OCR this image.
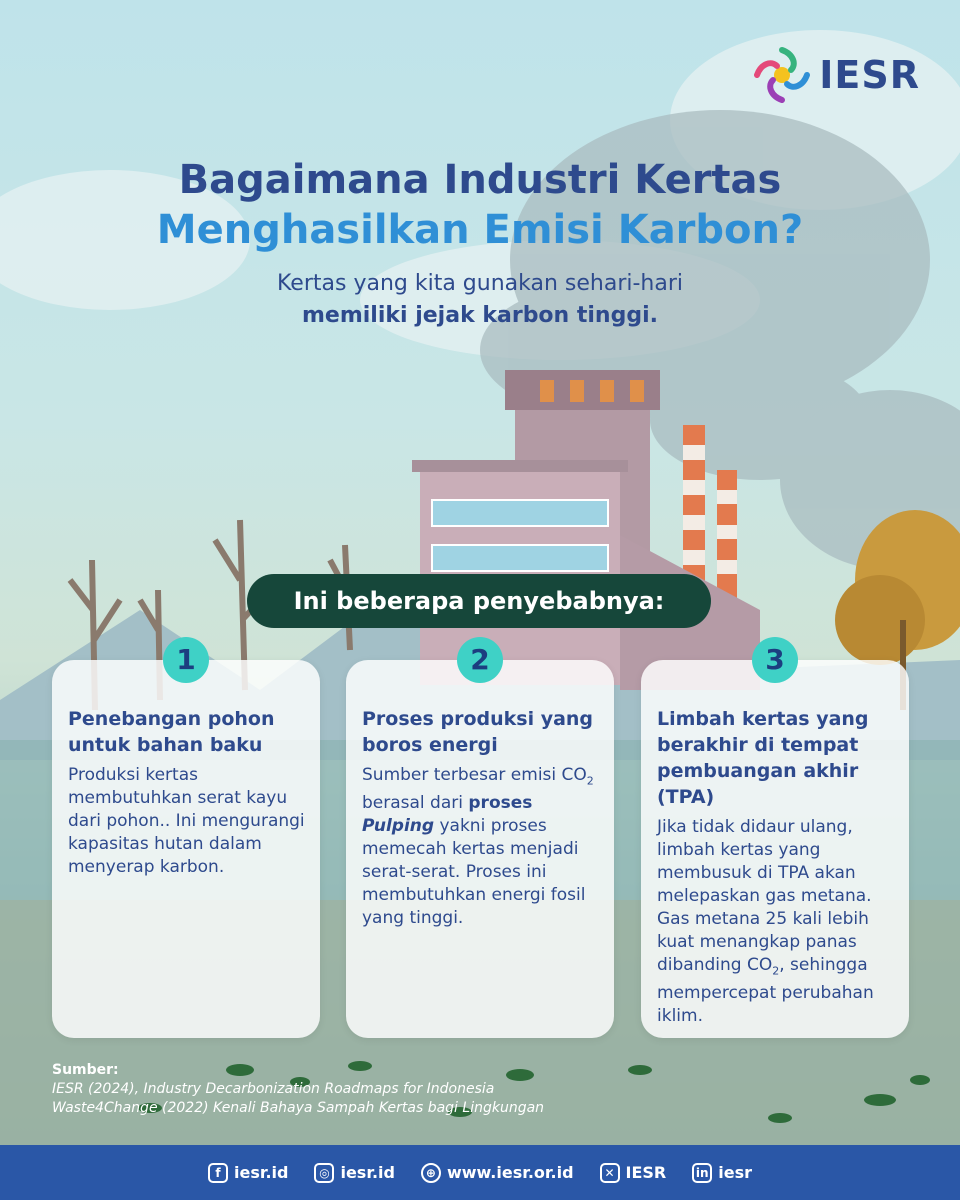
IESR
Bagaimana Industri Kertas
Menghasilkan Emisi Karbon?
Kertas yang kita gunakan sehari-hari
memiliki jejak karbon tinggi.
Ini beberapa penyebabnya:
Penebangan pohon untuk bahan baku
Produksi kertas membutuhkan serat kayu dari pohon.. Ini mengurangi kapasitas hutan dalam menyerap karbon.
Proses produksi yang boros energi
Sumber terbesar emisi $CO_2$ berasal dari proses Pulping yakni proses memecah kertas menjadi serat-serat. Proses ini membutuhkan energi fosil yang tinggi.
Limbah kertas yang berakhir di tempat pembuangan akhir (TPA)
Jika tidak didaur ulang, limbah kertas yang membusuk di TPA akan melepaskan gas metana. Gas metana 25 kali lebih kuat menangkap panas dibanding $CO_2$, sehingga mempercepat perubahan iklim.
1	2	3
Sumber:
IESR (2024), Industry Decarbonization Roadmaps for Indonesia
Waste4Change (2022) Kenali Bahaya Sampah Kertas bagi Lingkungan
f iesr.id	◎ iesr.id	⊕ www.iesr.or.id	✕ IESR	in iesr
